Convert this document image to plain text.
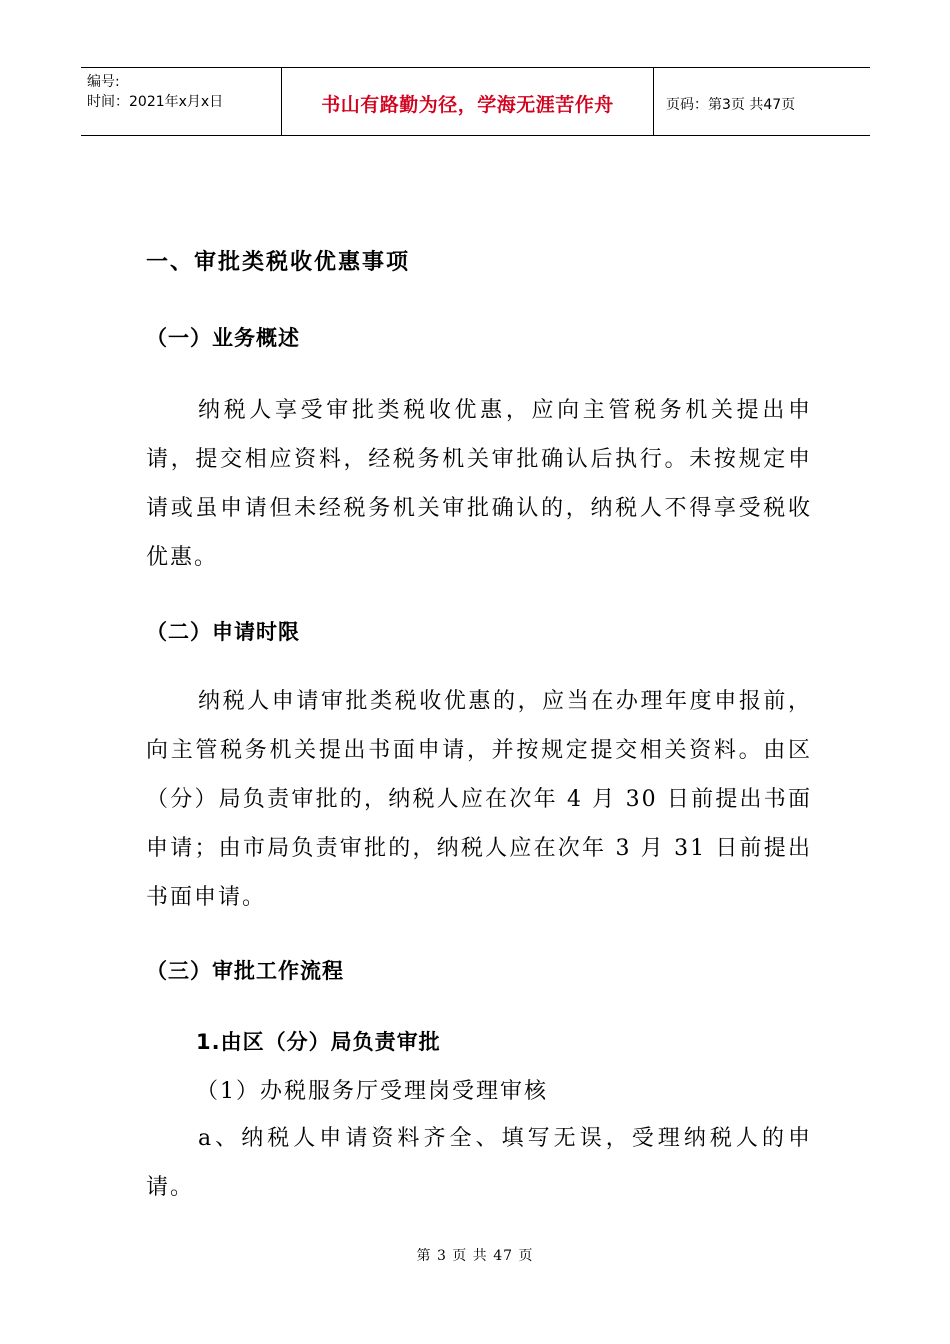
编号:
时间：2021年x月x日	书山有路勤为径，学海无涯苦作舟	页码：第3页 共47页
一、审批类税收优惠事项
（一）业务概述
纳税人享受审批类税收优惠，应向主管税务机关提出申请，提交相应资料，经税务机关审批确认后执行。未按规定申请或虽申请但未经税务机关审批确认的，纳税人不得享受税收优惠。
（二）申请时限
纳税人申请审批类税收优惠的，应当在办理年度申报前，向主管税务机关提出书面申请，并按规定提交相关资料。由区（分）局负责审批的，纳税人应在次年 4 月 30 日前提出书面申请；由市局负责审批的，纳税人应在次年 3 月 31 日前提出书面申请。
（三）审批工作流程
1.由区（分）局负责审批
（1）办税服务厅受理岗受理审核
a、纳税人申请资料齐全、填写无误，受理纳税人的申请。
第 3 页 共 47 页
